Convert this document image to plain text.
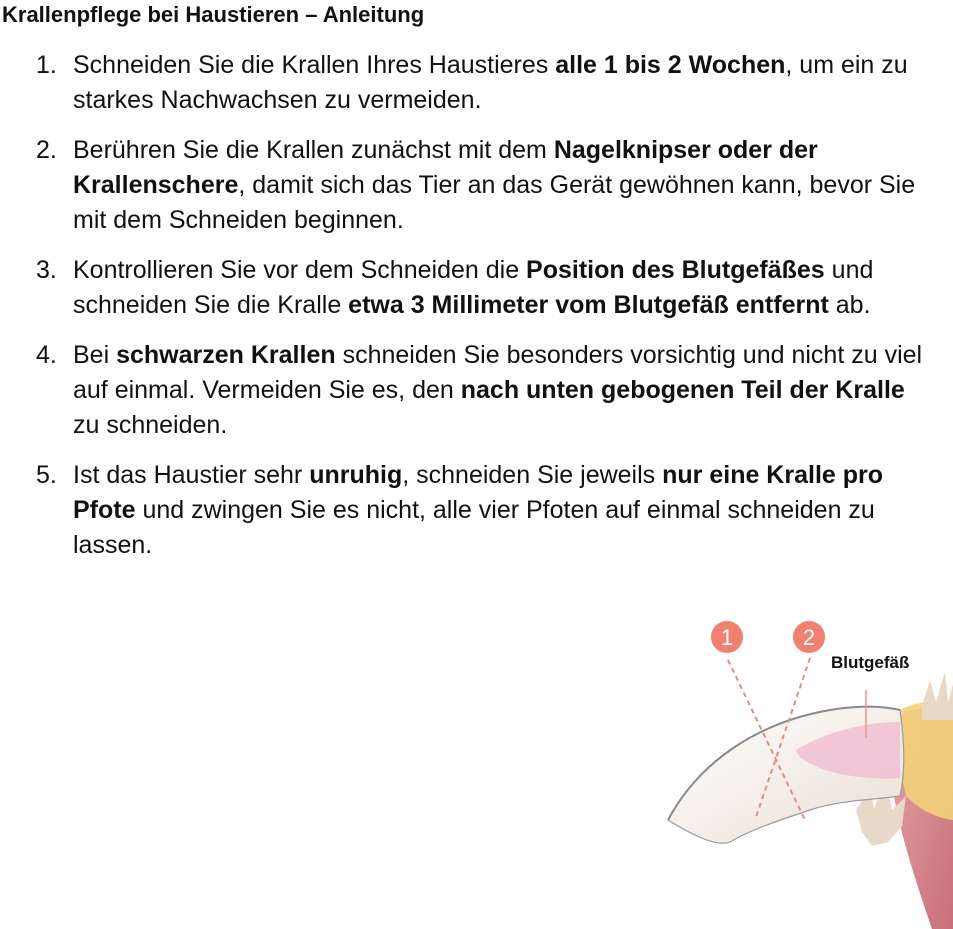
Krallenpflege bei Haustieren – Anleitung
1. Schneiden Sie die Krallen Ihres Haustieres alle 1 bis 2 Wochen, um ein zu starkes Nachwachsen zu vermeiden.
2. Berühren Sie die Krallen zunächst mit dem Nagelknipser oder der Krallenschere, damit sich das Tier an das Gerät gewöhnen kann, bevor Sie mit dem Schneiden beginnen.
3. Kontrollieren Sie vor dem Schneiden die Position des Blutgefäßes und schneiden Sie die Kralle etwa 3 Millimeter vom Blutgefäß entfernt ab.
4. Bei schwarzen Krallen schneiden Sie besonders vorsichtig und nicht zu viel auf einmal. Vermeiden Sie es, den nach unten gebogenen Teil der Kralle zu schneiden.
5. Ist das Haustier sehr unruhig, schneiden Sie jeweils nur eine Kralle pro Pfote und zwingen Sie es nicht, alle vier Pfoten auf einmal schneiden zu lassen.
1	2
Blutgefäß
